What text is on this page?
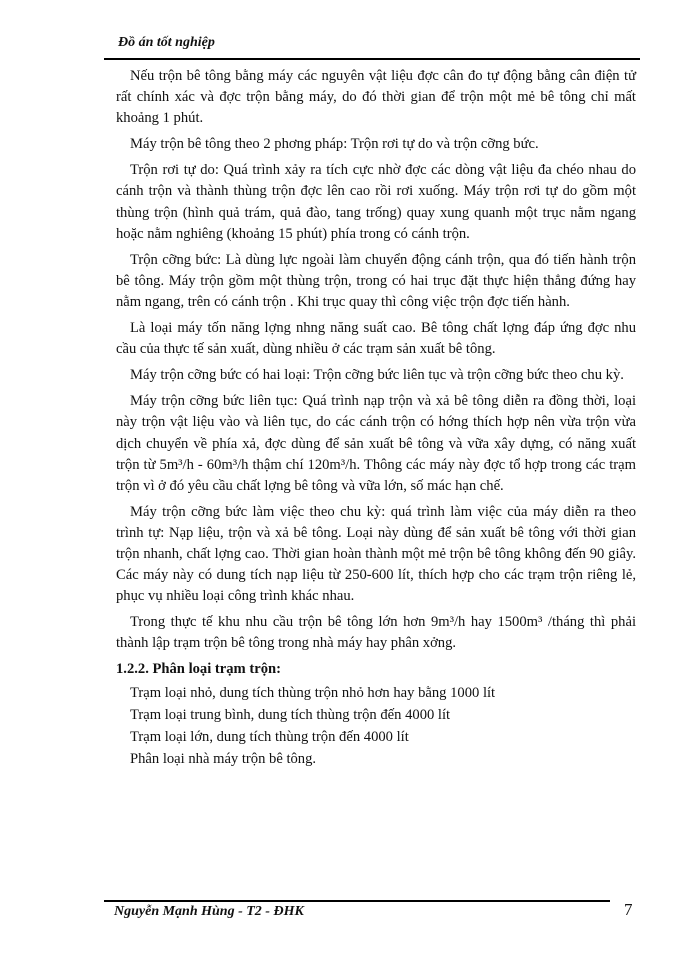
Đồ án tốt nghiệp

Nếu trộn bê tông bằng máy các nguyên vật liệu đợc cân đo tự động bằng cân điện tử rất chính xác và đợc trộn bằng máy, do đó thời gian để trộn một mẻ bê tông chỉ mất khoảng 1 phút.

Máy trộn bê tông theo 2 phơng pháp: Trộn rơi tự do và trộn cỡng bức.

Trộn rơi tự do: Quá trình xảy ra tích cực nhờ đợc các dòng vật liệu đa chéo nhau do cánh trộn và thành thùng trộn đợc lên cao rồi rơi xuống. Máy trộn rơi tự do gồm một thùng trộn (hình quả trám, quả đào, tang trống) quay xung quanh một trục nằm ngang hoặc nằm nghiêng (khoảng 15 phút) phía trong có cánh trộn.

Trộn cỡng bức: Là dùng lực ngoài làm chuyển động cánh trộn, qua đó tiến hành trộn bê tông. Máy trộn gồm một thùng trộn, trong có hai trục đặt thực hiện thẳng đứng hay nằm ngang, trên có cánh trộn . Khi trục quay thì công việc trộn đợc tiến hành.

Là loại máy tốn năng lợng nhng năng suất cao. Bê tông chất lợng đáp ứng đợc nhu cầu của thực tế sản xuất, dùng nhiều ở các trạm sản xuất bê tông.

Máy trộn cỡng bức có hai loại: Trộn cỡng bức liên tục và trộn cỡng bức theo chu kỳ.

Máy trộn cỡng bức liên tục: Quá trình nạp trộn và xả bê tông diễn ra đồng thời, loại này trộn vật liệu vào và liên tục, do các cánh trộn có hớng thích hợp nên vừa trộn vừa dịch chuyển về phía xả, đợc dùng để sản xuất bê tông và vữa xây dựng, có năng xuất trộn từ 5m³/h - 60m³/h thậm chí 120m³/h. Thông các máy này đợc tổ hợp trong các trạm trộn vì ở đó yêu cầu chất lợng bê tông và vữa lớn, số mác hạn chế.

Máy trộn cỡng bức làm việc theo chu kỳ: quá trình làm việc của máy diễn ra theo trình tự: Nạp liệu, trộn và xả bê tông. Loại này dùng để sản xuất bê tông với thời gian trộn nhanh, chất lợng cao. Thời gian hoàn thành một mẻ trộn bê tông không đến 90 giây. Các máy này có dung tích nạp liệu từ 250-600 lít, thích hợp cho các trạm trộn riêng lẻ, phục vụ nhiều loại công trình khác nhau.

Trong thực tế khu nhu cầu trộn bê tông lớn hơn 9m³/h hay 1500m³ /tháng thì phải thành lập trạm trộn bê tông trong nhà máy hay phân xởng.

1.2.2. Phân loại trạm trộn:

Trạm loại nhỏ, dung tích thùng trộn nhỏ hơn hay bằng 1000 lít

Trạm loại trung bình, dung tích thùng trộn đến 4000 lít

Trạm loại lớn, dung tích thùng trộn đến 4000 lít

Phân loại nhà máy trộn bê tông.

Nguyễn Mạnh Hùng - T2 - ĐHK	7
